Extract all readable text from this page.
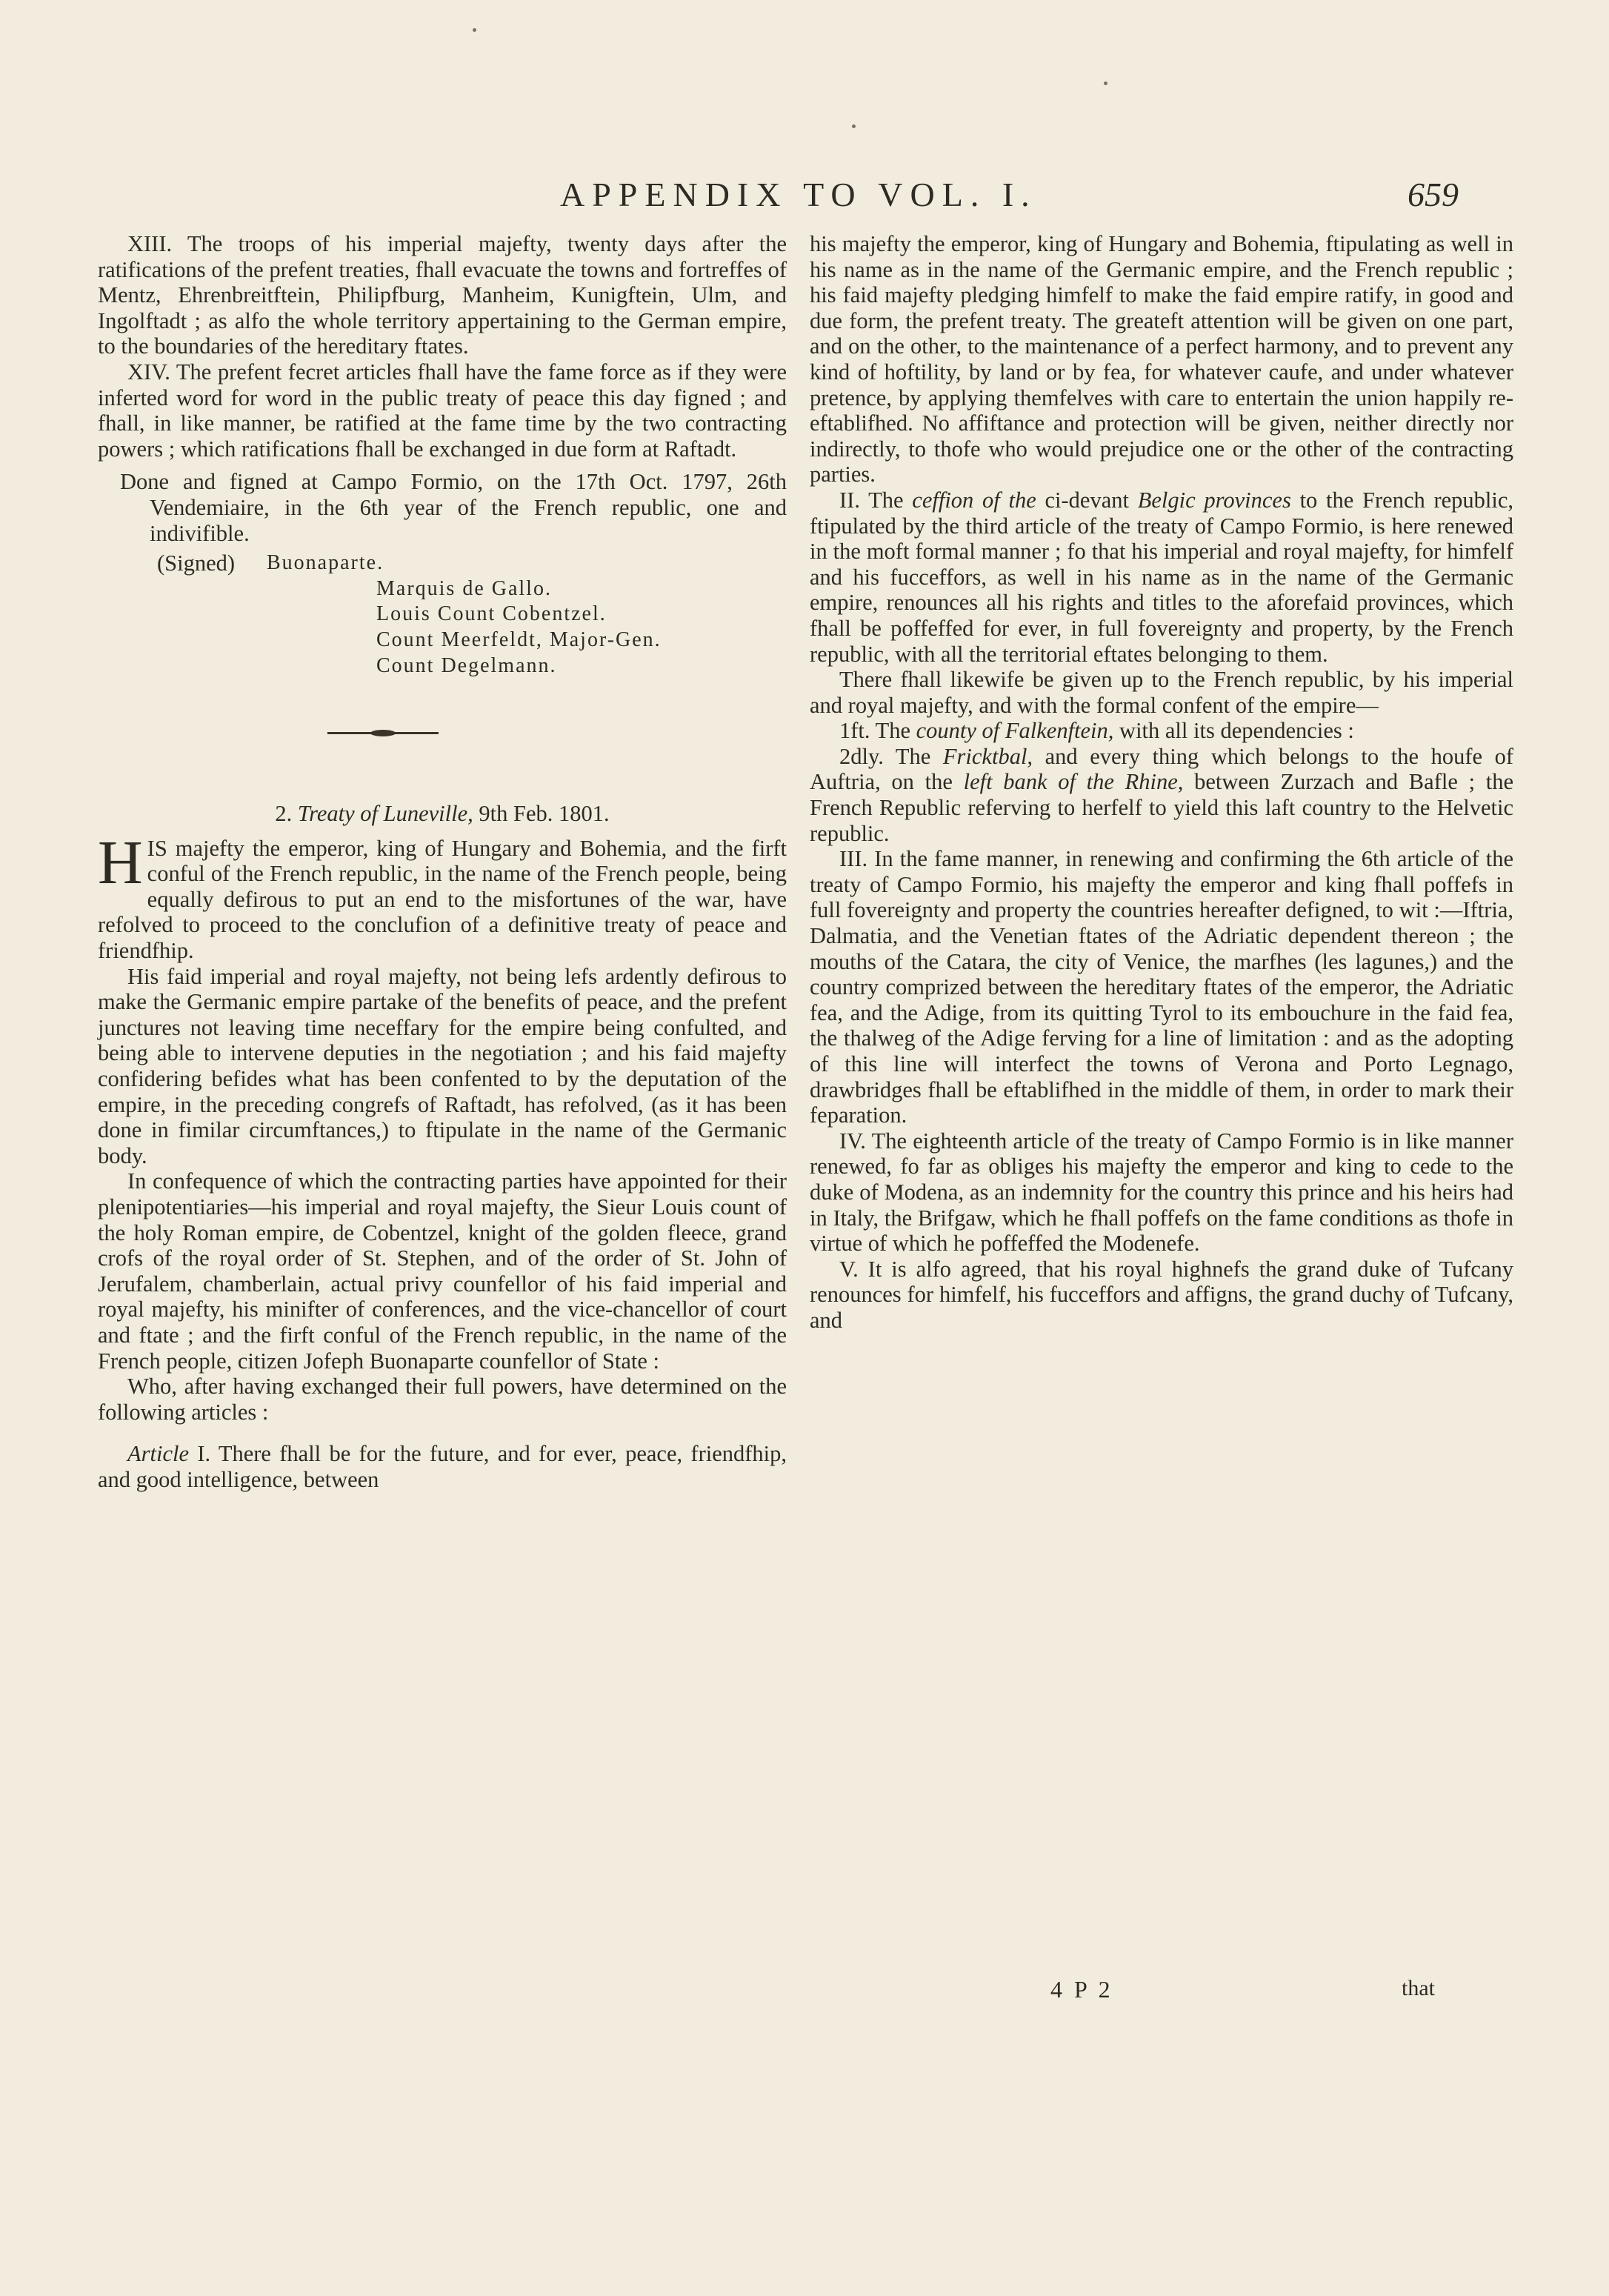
APPENDIX TO VOL. I.	659

XIII. The troops of his imperial majefty, twenty days after the ratifications of the prefent treaties, fhall evacuate the towns and fortreffes of Mentz, Ehrenbreitftein, Philipfburg, Manheim, Kunigftein, Ulm, and Ingolftadt ; as alfo the whole territory appertaining to the German empire, to the boundaries of the hereditary ftates.

XIV. The prefent fecret articles fhall have the fame force as if they were inferted word for word in the public treaty of peace this day figned ; and fhall, in like manner, be ratified at the fame time by the two contracting powers ; which ratifications fhall be exchanged in due form at Raftadt.

Done and figned at Campo Formio, on the 17th Oct. 1797, 26th Vendemiaire, in the 6th year of the French republic, one and indivifible.

(Signed)	Buonaparte.
Marquis de Gallo.
Louis Count Cobentzel.
Count Meerfeldt, Major-Gen.
Count Degelmann.
2. Treaty of Luneville, 9th Feb. 1801.
H IS majefty the emperor, king of Hungary and Bohemia, and the firft conful of the French republic, in the name of the French people, being equally defirous to put an end to the misfortunes of the war, have refolved to proceed to the conclufion of a definitive treaty of peace and friendfhip.

His faid imperial and royal majefty, not being lefs ardently defirous to make the Germanic empire partake of the benefits of peace, and the prefent junctures not leaving time neceffary for the empire being confulted, and being able to intervene deputies in the negotiation ; and his faid majefty confidering befides what has been confented to by the deputation of the empire, in the preceding congrefs of Raftadt, has refolved, (as it has been done in fimilar circumftances,) to ftipulate in the name of the Germanic body.

In confequence of which the contracting parties have appointed for their plenipotentiaries—his imperial and royal majefty, the Sieur Louis count of the holy Roman empire, de Cobentzel, knight of the golden fleece, grand crofs of the royal order of St. Stephen, and of the order of St. John of Jerufalem, chamberlain, actual privy counfellor of his faid imperial and royal majefty, his minifter of conferences, and the vice-chancellor of court and ftate ; and the firft conful of the French republic, in the name of the French people, citizen Jofeph Buonaparte counfellor of State :

Who, after having exchanged their full powers, have determined on the following articles :

Article I. There fhall be for the future, and for ever, peace, friendfhip, and good intelligence, between

his majefty the emperor, king of Hungary and Bohemia, ftipulating as well in his name as in the name of the Germanic empire, and the French republic ; his faid majefty pledging himfelf to make the faid empire ratify, in good and due form, the prefent treaty. The greateft attention will be given on one part, and on the other, to the maintenance of a perfect harmony, and to prevent any kind of hoftility, by land or by fea, for whatever caufe, and under whatever pretence, by applying themfelves with care to entertain the union happily re-eftablifhed. No affiftance and protection will be given, neither directly nor indirectly, to thofe who would prejudice one or the other of the contracting parties.

II. The ceffion of the ci-devant Belgic provinces to the French republic, ftipulated by the third article of the treaty of Campo Formio, is here renewed in the moft formal manner ; fo that his imperial and royal majefty, for himfelf and his fucceffors, as well in his name as in the name of the Germanic empire, renounces all his rights and titles to the aforefaid provinces, which fhall be poffeffed for ever, in full fovereignty and property, by the French republic, with all the territorial eftates belonging to them.

There fhall likewife be given up to the French republic, by his imperial and royal majefty, and with the formal confent of the empire—

1ft. The county of Falkenftein, with all its dependencies :

2dly. The Fricktbal, and every thing which belongs to the houfe of Auftria, on the left bank of the Rhine, between Zurzach and Bafle ; the French Republic referving to herfelf to yield this laft country to the Helvetic republic.

III. In the fame manner, in renewing and confirming the 6th article of the treaty of Campo Formio, his majefty the emperor and king fhall poffefs in full fovereignty and property the countries hereafter defigned, to wit :—Iftria, Dalmatia, and the Venetian ftates of the Adriatic dependent thereon ; the mouths of the Catara, the city of Venice, the marfhes (les lagunes,) and the country comprized between the hereditary ftates of the emperor, the Adriatic fea, and the Adige, from its quitting Tyrol to its embouchure in the faid fea, the thalweg of the Adige ferving for a line of limitation : and as the adopting of this line will interfect the towns of Verona and Porto Legnago, drawbridges fhall be eftablifhed in the middle of them, in order to mark their feparation.

IV. The eighteenth article of the treaty of Campo Formio is in like manner renewed, fo far as obliges his majefty the emperor and king to cede to the duke of Modena, as an indemnity for the country this prince and his heirs had in Italy, the Brifgaw, which he fhall poffefs on the fame conditions as thofe in virtue of which he poffeffed the Modenefe.

V. It is alfo agreed, that his royal highnefs the grand duke of Tufcany renounces for himfelf, his fucceffors and affigns, the grand duchy of Tufcany, and

4 P 2	that
